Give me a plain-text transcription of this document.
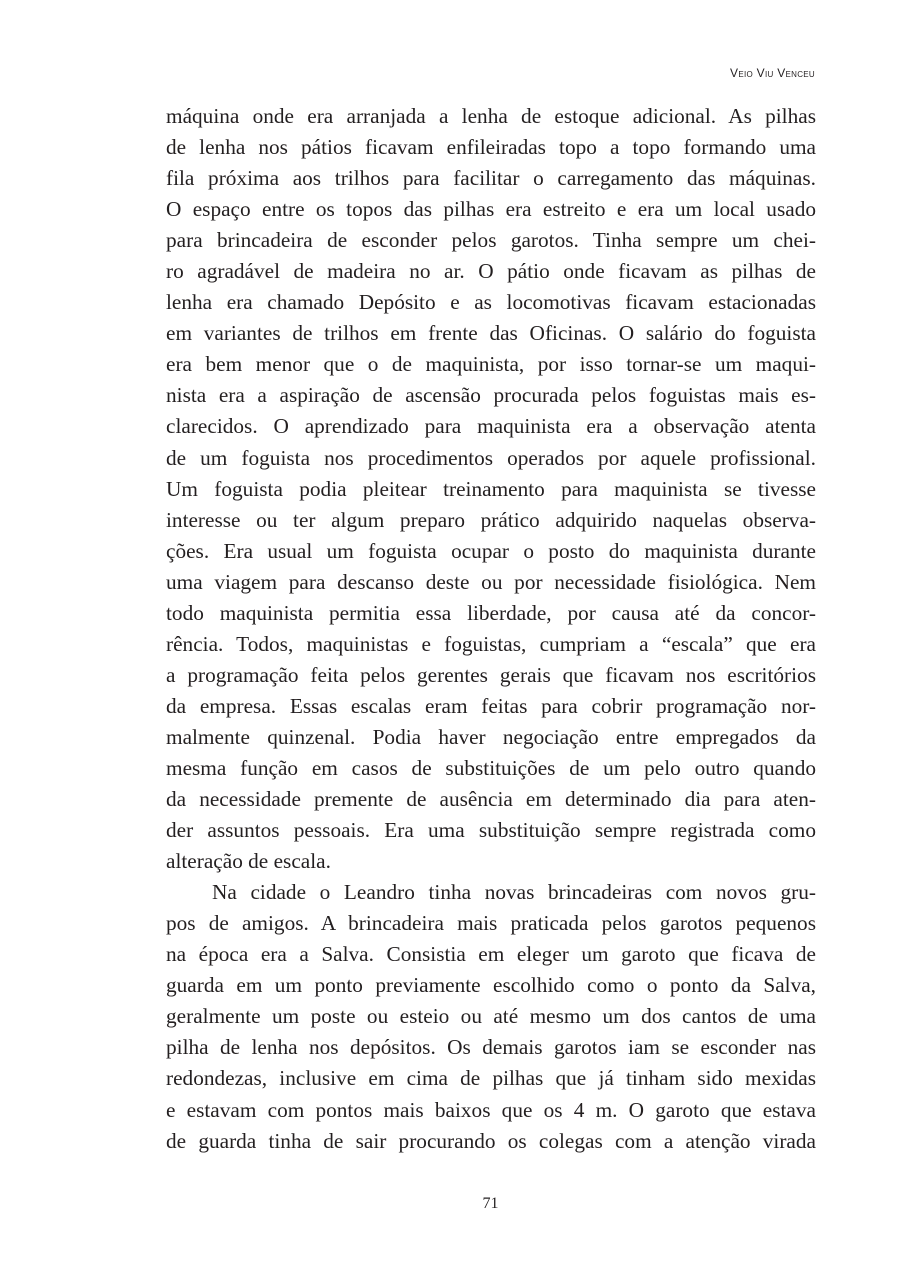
Veio Viu Venceu
máquina onde era arranjada a lenha de estoque adicional. As pilhas
de lenha nos pátios ficavam enfileiradas topo a topo formando uma
fila próxima aos trilhos para facilitar o carregamento das máquinas.
O espaço entre os topos das pilhas era estreito e era um local usado
para brincadeira de esconder pelos garotos. Tinha sempre um chei-
ro agradável de madeira no ar. O pátio onde ficavam as pilhas de
lenha era chamado Depósito e as locomotivas ficavam estacionadas
em variantes de trilhos em frente das Oficinas. O salário do foguista
era bem menor que o de maquinista, por isso tornar-se um maqui-
nista era a aspiração de ascensão procurada pelos foguistas mais es-
clarecidos. O aprendizado para maquinista era a observação atenta
de um foguista nos procedimentos operados por aquele profissional.
Um foguista podia pleitear treinamento para maquinista se tivesse
interesse ou ter algum preparo prático adquirido naquelas observa-
ções. Era usual um foguista ocupar o posto do maquinista durante
uma viagem para descanso deste ou por necessidade fisiológica. Nem
todo maquinista permitia essa liberdade, por causa até da concor-
rência. Todos, maquinistas e foguistas, cumpriam a “escala” que era
a programação feita pelos gerentes gerais que ficavam nos escritórios
da empresa. Essas escalas eram feitas para cobrir programação nor-
malmente quinzenal. Podia haver negociação entre empregados da
mesma função em casos de substituições de um pelo outro quando
da necessidade premente de ausência em determinado dia para aten-
der assuntos pessoais. Era uma substituição sempre registrada como
alteração de escala.
Na cidade o Leandro tinha novas brincadeiras com novos gru-
pos de amigos. A brincadeira mais praticada pelos garotos pequenos
na época era a Salva. Consistia em eleger um garoto que ficava de
guarda em um ponto previamente escolhido como o ponto da Salva,
geralmente um poste ou esteio ou até mesmo um dos cantos de uma
pilha de lenha nos depósitos. Os demais garotos iam se esconder nas
redondezas, inclusive em cima de pilhas que já tinham sido mexidas
e estavam com pontos mais baixos que os 4 m. O garoto que estava
de guarda tinha de sair procurando os colegas com a atenção virada
71
